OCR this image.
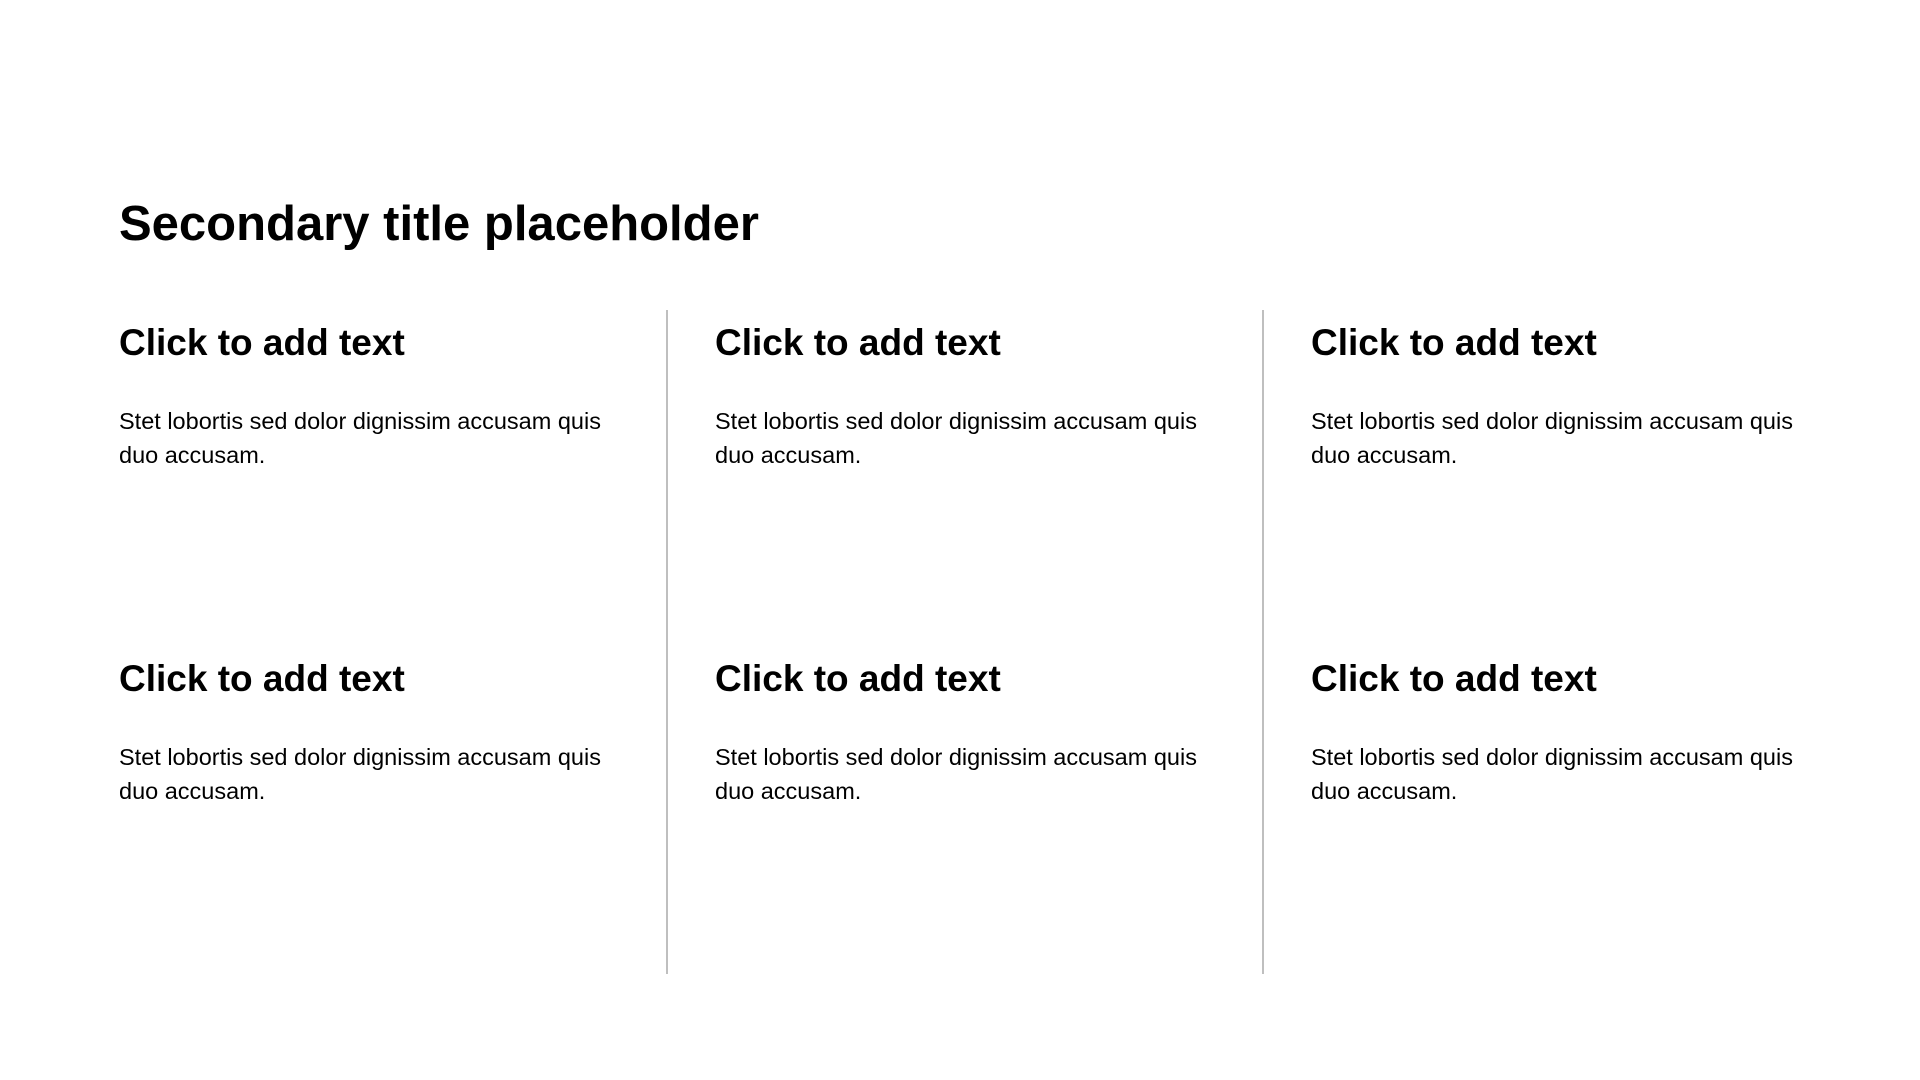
Secondary title placeholder
Click to add text

Stet lobortis sed dolor dignissim accusam quis duo accusam.

Click to add text

Stet lobortis sed dolor dignissim accusam quis duo accusam.

Click to add text

Stet lobortis sed dolor dignissim accusam quis duo accusam.

Click to add text

Stet lobortis sed dolor dignissim accusam quis duo accusam.

Click to add text

Stet lobortis sed dolor dignissim accusam quis duo accusam.

Click to add text

Stet lobortis sed dolor dignissim accusam quis duo accusam.
